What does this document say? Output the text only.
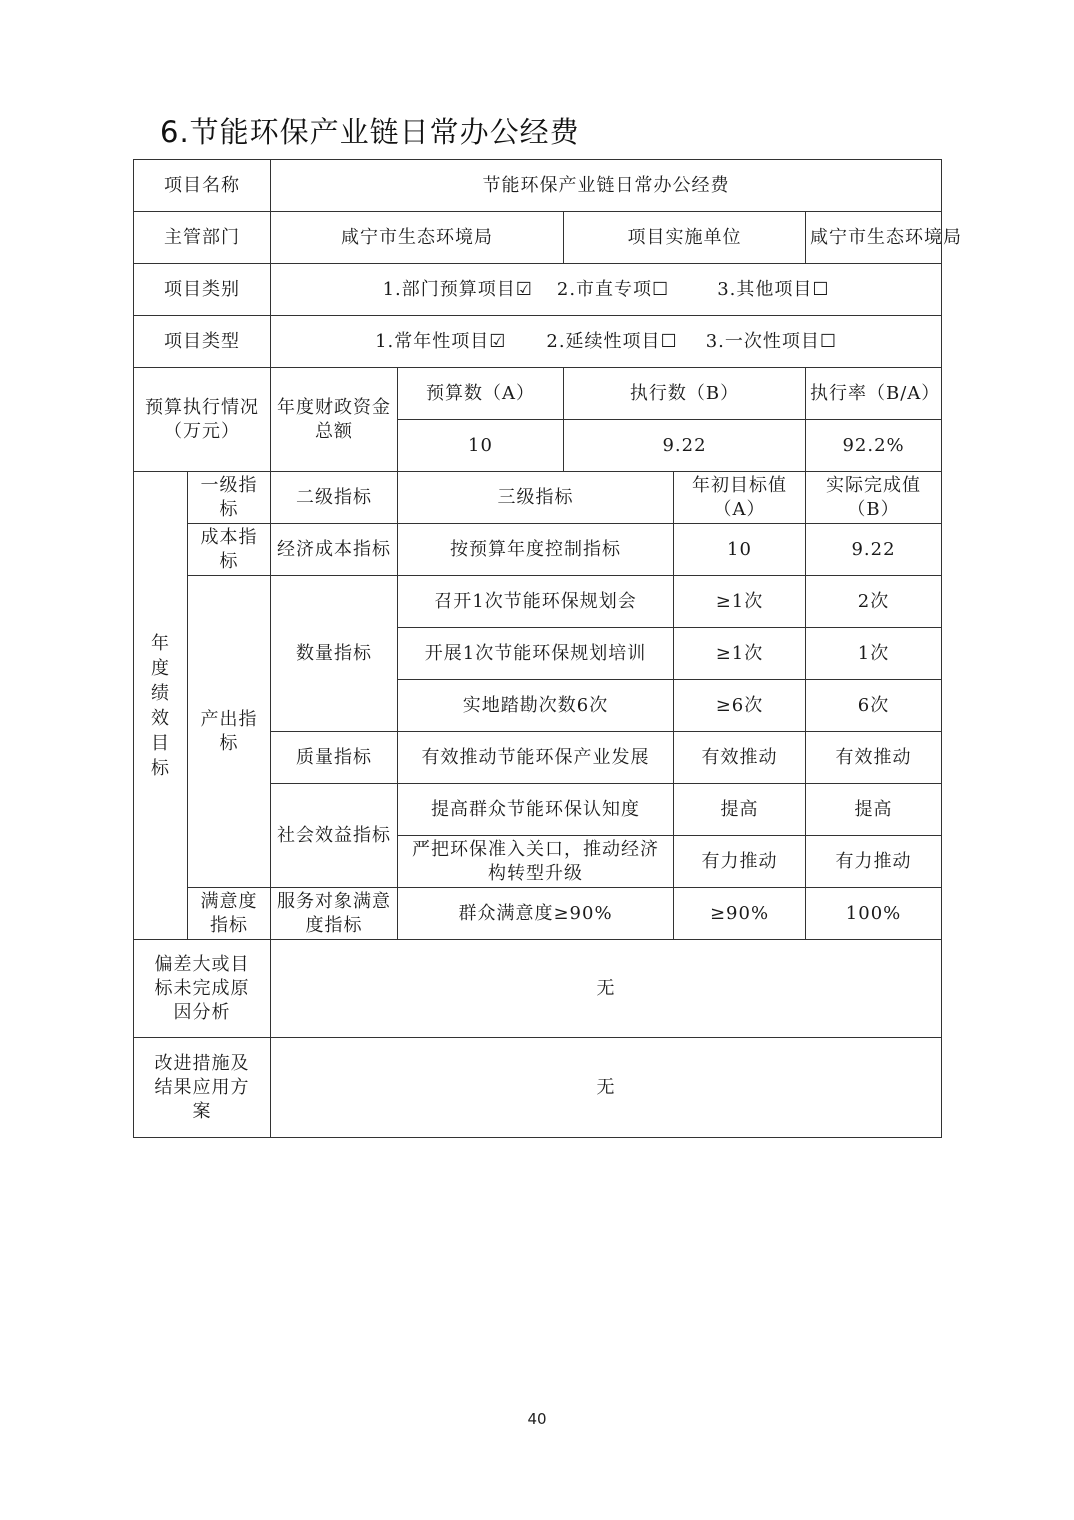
6.节能环保产业链日常办公经费
项目名称		节能环保产业链日常办公经费				
主管部门		咸宁市生态环境局		项目实施单位		咸宁市生态环境局
项目类别		1.部门预算项目☑ 2.市直专项☐ 3.其他项目☐				
项目类型		1.常年性项目☑ 2.延续性项目☐ 3.一次性项目☐				
预算执行情况（万元）		年度财政资金总额	预算数（A）	执行数（B）		执行率（B/A）
			10	9.22		92.2%

年度绩效目标	一级指标	二级指标	三级指标		年初目标值（A）	实际完成值（B）
	成本指标	经济成本指标	按预算年度控制指标		10	9.22
	产出指标	数量指标	召开1次节能环保规划会		≥1次	2次
			开展1次节能环保规划培训		≥1次	1次
			实地踏勘次数6次		≥6次	6次
		质量指标	有效推动节能环保产业发展		有效推动	有效推动
		社会效益指标	提高群众节能环保认知度		提高	提高
			严把环保准入关口，推动经济构转型升级		有力推动	有力推动
	满意度指标	服务对象满意度指标	群众满意度≥90%		≥90%	100%
偏差大或目标未完成原因分析		无				
改进措施及结果应用方案		无				
40
